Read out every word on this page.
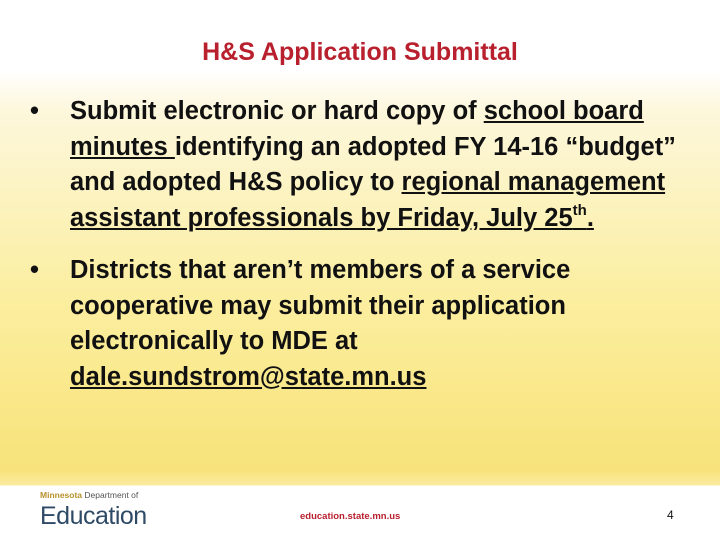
H&S Application Submittal
• Submit electronic or hard copy of school board minutes identifying an adopted FY 14-16 “budget” and adopted H&S policy to regional management assistant professionals by Friday, July 25th.
• Districts that aren’t members of a service cooperative may submit their application electronically to MDE at dale.sundstrom@state.mn.us
Minnesota Department of
Education	education.state.mn.us	4
